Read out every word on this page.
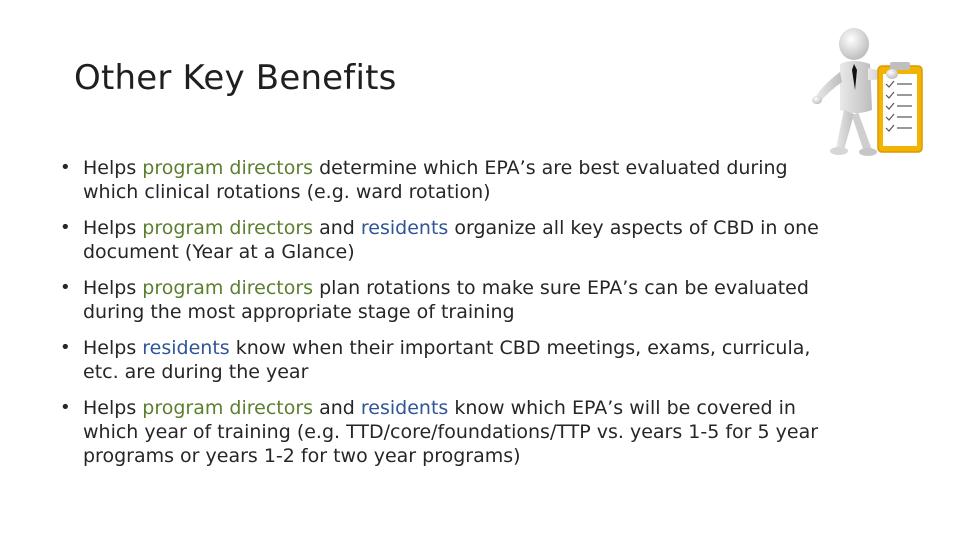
Other Key Benefits
• Helps program directors determine which EPA’s are best evaluated during which clinical rotations (e.g. ward rotation)
• Helps program directors and residents organize all key aspects of CBD in one document (Year at a Glance)
• Helps program directors plan rotations to make sure EPA’s can be evaluated during the most appropriate stage of training
• Helps residents know when their important CBD meetings, exams, curricula, etc. are during the year
• Helps program directors and residents know which EPA’s will be covered in which year of training (e.g. TTD/core/foundations/TTP vs. years 1-5 for 5 year programs or years 1-2 for two year programs)
